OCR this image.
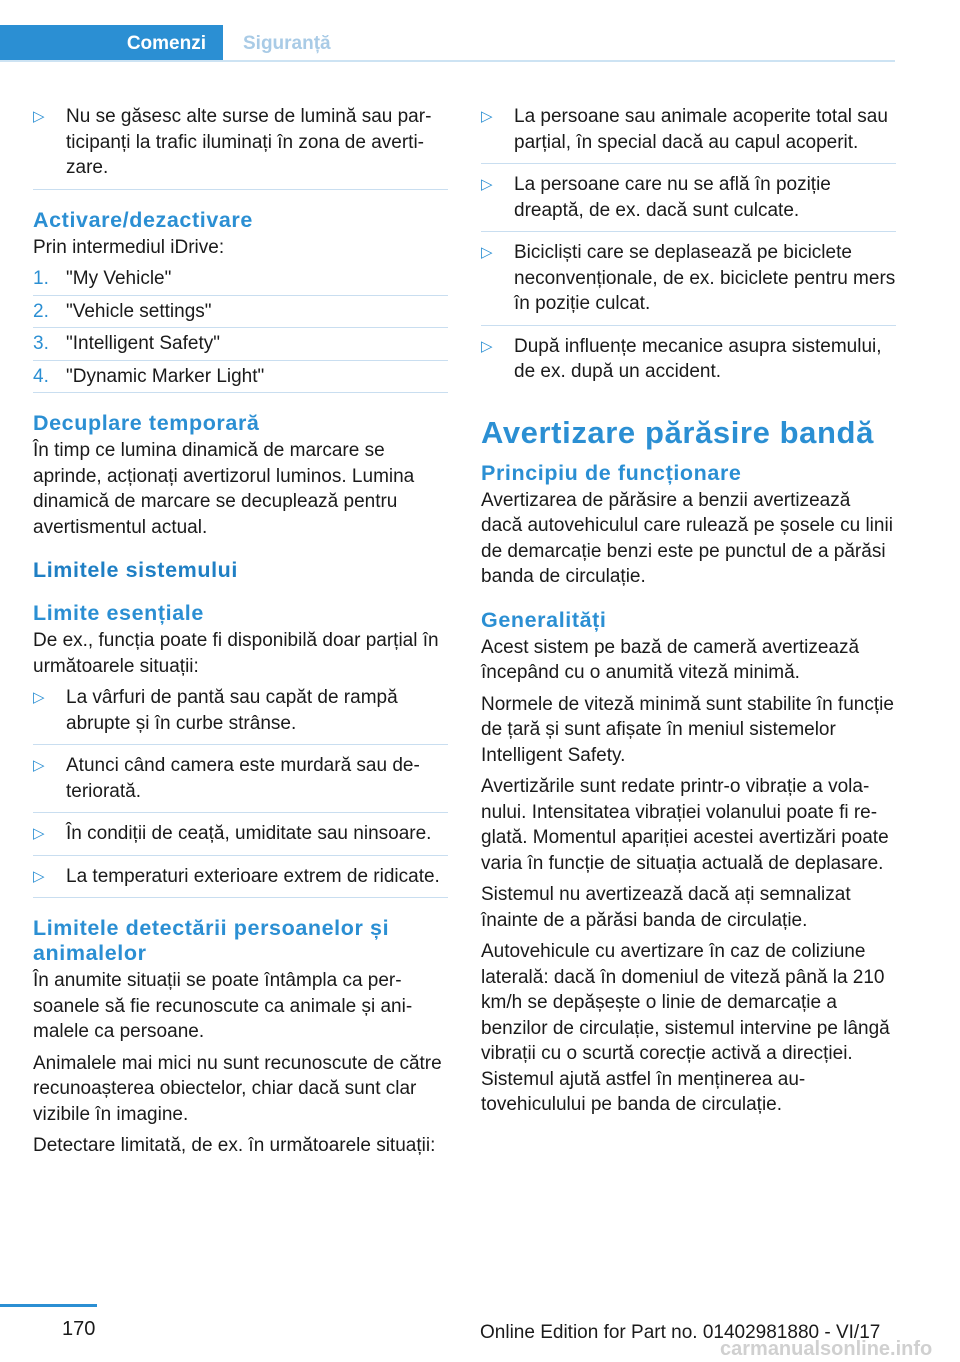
Comenzi	Siguranță
▷ Nu se găsesc alte surse de lumină sau participanți la trafic iluminați în zona de avertizare.
Activare/dezactivare

Prin intermediul iDrive:

1. "My Vehicle"
2. "Vehicle settings"
3. "Intelligent Safety"
4. "Dynamic Marker Light"
Decuplare temporară

În timp ce lumina dinamică de marcare se aprinde, acționați avertizorul luminos. Lumina dinamică de marcare se decuplează pentru avertismentul actual.

Limitele sistemului
Limite esențiale

De ex., funcția poate fi disponibilă doar parțial în următoarele situații:

▷ La vârfuri de pantă sau capăt de rampă abrupte și în curbe strânse.
▷ Atunci când camera este murdară sau deteriorată.
▷ În condiții de ceață, umiditate sau ninsoare.
▷ La temperaturi exterioare extrem de ridicate.
Limitele detectării persoanelor și animalelor

În anumite situații se poate întâmpla ca persoanele să fie recunoscute ca animale și animalele ca persoane.

Animalele mai mici nu sunt recunoscute de către recunoașterea obiectelor, chiar dacă sunt clar vizibile în imagine.

Detectare limitată, de ex. în următoarele situații:

▷ La persoane sau animale acoperite total sau parțial, în special dacă au capul acoperit.
▷ La persoane care nu se află în poziție dreaptă, de ex. dacă sunt culcate.
▷ Bicicliști care se deplasează pe biciclete neconvenționale, de ex. biciclete pentru mers în poziție culcat.
▷ După influențe mecanice asupra sistemului, de ex. după un accident.
Avertizare părăsire bandă
Principiu de funcționare

Avertizarea de părăsire a benzii avertizează dacă autovehiculul care rulează pe șosele cu linii de demarcație benzi este pe punctul de a părăsi banda de circulație.

Generalități

Acest sistem pe bază de cameră avertizează începând cu o anumită viteză minimă.

Normele de viteză minimă sunt stabilite în funcție de țară și sunt afișate în meniul sistemelor Intelligent Safety.

Avertizările sunt redate printr-o vibrație a volanului. Intensitatea vibrației volanului poate fi reglată. Momentul apariției acestei avertizări poate varia în funcție de situația actuală de deplasare.

Sistemul nu avertizează dacă ați semnalizat înainte de a părăsi banda de circulație.

Autovehicule cu avertizare în caz de coliziune laterală: dacă în domeniul de viteză până la 210 km/h se depășește o linie de demarcație a benzilor de circulație, sistemul intervine pe lângă vibrații cu o scurtă corecție activă a direcției. Sistemul ajută astfel în menținerea autovehiculului pe banda de circulație.

170	Online Edition for Part no. 01402981880 - VI/17
carmanualsonline.info
